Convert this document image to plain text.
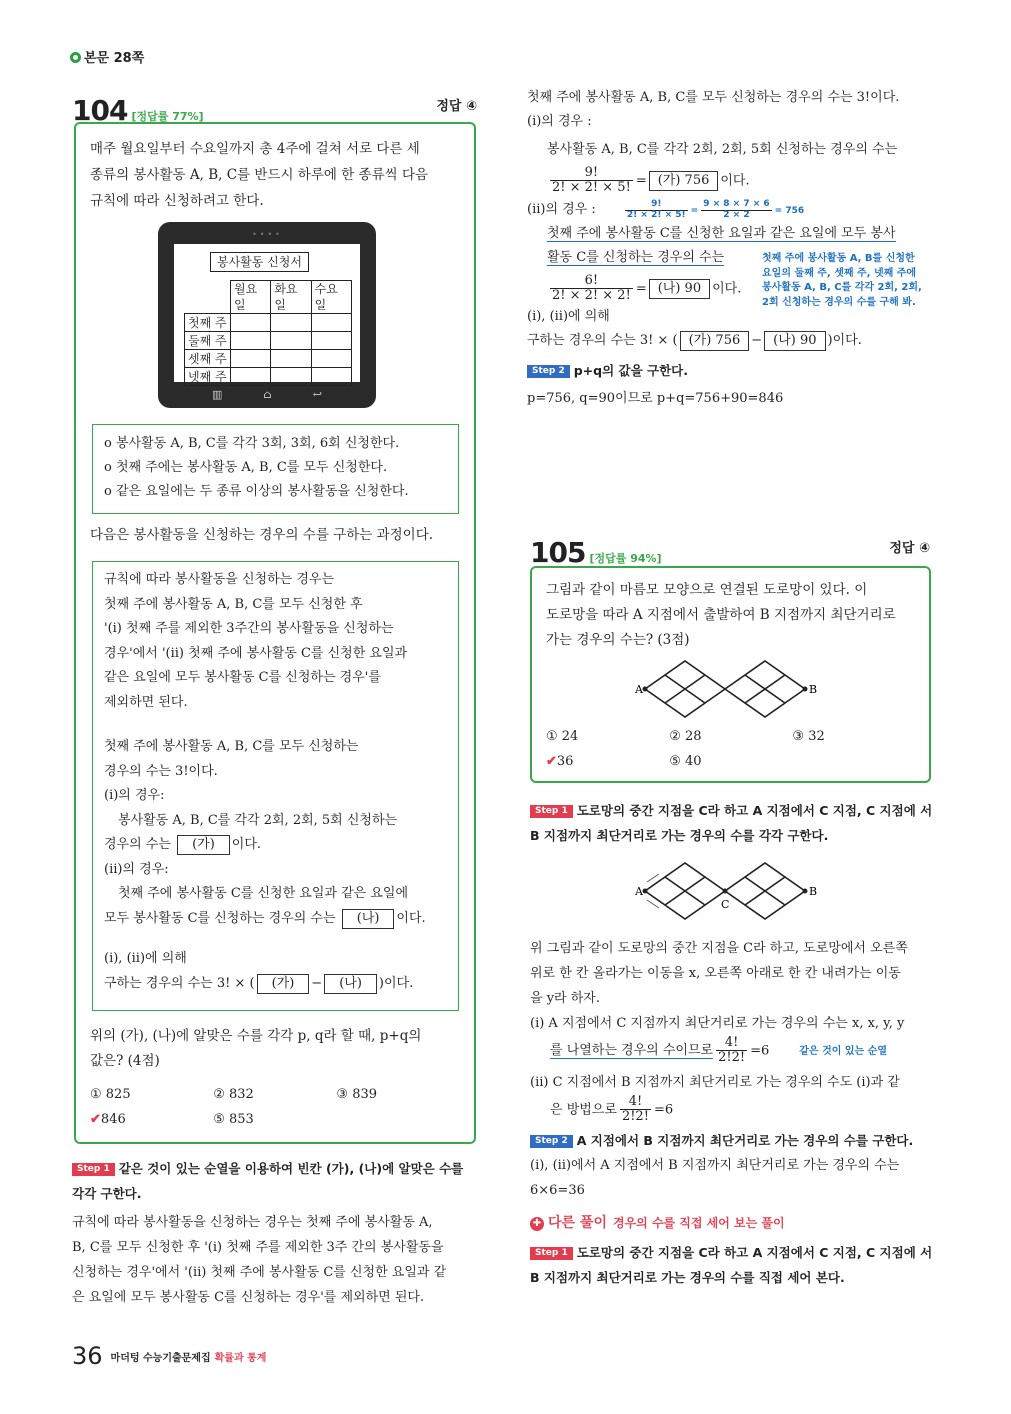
본문 28쪽
104 [정답률 77%]
정답 ④

매주 월요일부터 수요일까지 총 4주에 걸쳐 서로 다른 세

종류의 봉사활동 A, B, C를 반드시 하루에 한 종류씩 다음

규칙에 따라 신청하려고 한다.

••••
봉사활동 신청서
	월요일	화요일	수요일
첫째 주			
둘째 주			
셋째 주			
넷째 주			
▥	⌂	↩

o 봉사활동 A, B, C를 각각 3회, 3회, 6회 신청한다.

o 첫째 주에는 봉사활동 A, B, C를 모두 신청한다.

o 같은 요일에는 두 종류 이상의 봉사활동을 신청한다.

다음은 봉사활동을 신청하는 경우의 수를 구하는 과정이다.

규칙에 따라 봉사활동을 신청하는 경우는

첫째 주에 봉사활동 A, B, C를 모두 신청한 후

'(ⅰ) 첫째 주를 제외한 3주간의 봉사활동을 신청하는

경우'에서 '(ⅱ) 첫째 주에 봉사활동 C를 신청한 요일과

같은 요일에 모두 봉사활동 C를 신청하는 경우'를

제외하면 된다.

첫째 주에 봉사활동 A, B, C를 모두 신청하는

경우의 수는 3!이다.

(ⅰ)의 경우:

봉사활동 A, B, C를 각각 2회, 2회, 5회 신청하는

경우의 수는 (가) 이다.

(ⅱ)의 경우:

첫째 주에 봉사활동 C를 신청한 요일과 같은 요일에

모두 봉사활동 C를 신청하는 경우의 수는 (나) 이다.

(ⅰ), (ⅱ)에 의해

구하는 경우의 수는 3! × ( (가) − (나) )이다.

위의 (가), (나)에 알맞은 수를 각각 p, q라 할 때, p+q의

값은? (4점)

① 825	② 832	③ 839
✔846	⑤ 853

Step 1 같은 것이 있는 순열을 이용하여 빈칸 (가), (나)에 알맞은 수를 각각 구한다.

규칙에 따라 봉사활동을 신청하는 경우는 첫째 주에 봉사활동 A,

B, C를 모두 신청한 후 '(ⅰ) 첫째 주를 제외한 3주 간의 봉사활동을

신청하는 경우'에서 '(ⅱ) 첫째 주에 봉사활동 C를 신청한 요일과 같

은 요일에 모두 봉사활동 C를 신청하는 경우'를 제외하면 된다.

첫째 주에 봉사활동 A, B, C를 모두 신청하는 경우의 수는 3!이다.

(ⅰ)의 경우 :

봉사활동 A, B, C를 각각 2회, 2회, 5회 신청하는 경우의 수는

$\frac{9!}{2! \times 2! \times 5!}$ = (가) 756 이다.

(ⅱ)의 경우 :	$\frac{9!}{2! \times 2! \times 5!} = \frac{9 \times 8 \times 7 \times 6}{2 \times 2} = 756$

첫째 주에 봉사활동 C를 신청한 요일과 같은 요일에 모두 봉사

활동 C를 신청하는 경우의 수는

$\frac{6!}{2! \times 2! \times 2!}$ = (나) 90 이다.

(ⅰ), (ⅱ)에 의해

구하는 경우의 수는 3! × ( (가) 756 − (나) 90 )이다.

Step 2 p+q의 값을 구한다.

p=756, q=90이므로 p+q=756+90=846

첫째 주에 봉사활동 A, B를 신청한

요일의 둘째 주, 셋째 주, 넷째 주에

봉사활동 A, B, C를 각각 2회, 2회,

2회 신청하는 경우의 수를 구해 봐.

105 [정답률 94%]
정답 ④

그림과 같이 마름모 모양으로 연결된 도로망이 있다. 이

도로망을 따라 A 지점에서 출발하여 B 지점까지 최단거리로

가는 경우의 수는? (3점)

A	B
① 24	② 28	③ 32
✔36	⑤ 40
Step 1 도로망의 중간 지점을 C라 하고 A 지점에서 C 지점, C 지점에 서 B 지점까지 최단거리로 가는 경우의 수를 각각 구한다.
A	B
C

위 그림과 같이 도로망의 중간 지점을 C라 하고, 도로망에서 오른쪽

위로 한 칸 올라가는 이동을 x, 오른쪽 아래로 한 칸 내려가는 이동

을 y라 하자.

(ⅰ) A 지점에서 C 지점까지 최단거리로 가는 경우의 수는 x, x, y, y

를 나열하는 경우의 수이므로 $\frac{4!}{2!2!} =6$	같은 것이 있는 순열

(ⅱ) C 지점에서 B 지점까지 최단거리로 가는 경우의 수도 (ⅰ)과 같

은 방법으로 $\frac{4!}{2!2!} =6$

Step 2 A 지점에서 B 지점까지 최단거리로 가는 경우의 수를 구한다.

(ⅰ), (ⅱ)에서 A 지점에서 B 지점까지 최단거리로 가는 경우의 수는

6×6=36

✚ 다른 풀이 경우의 수를 직접 세어 보는 풀이

Step 1 도로망의 중간 지점을 C라 하고 A 지점에서 C 지점, C 지점에 서 B 지점까지 최단거리로 가는 경우의 수를 직접 세어 본다.

36 마더텅 수능기출문제집 확률과 통계
